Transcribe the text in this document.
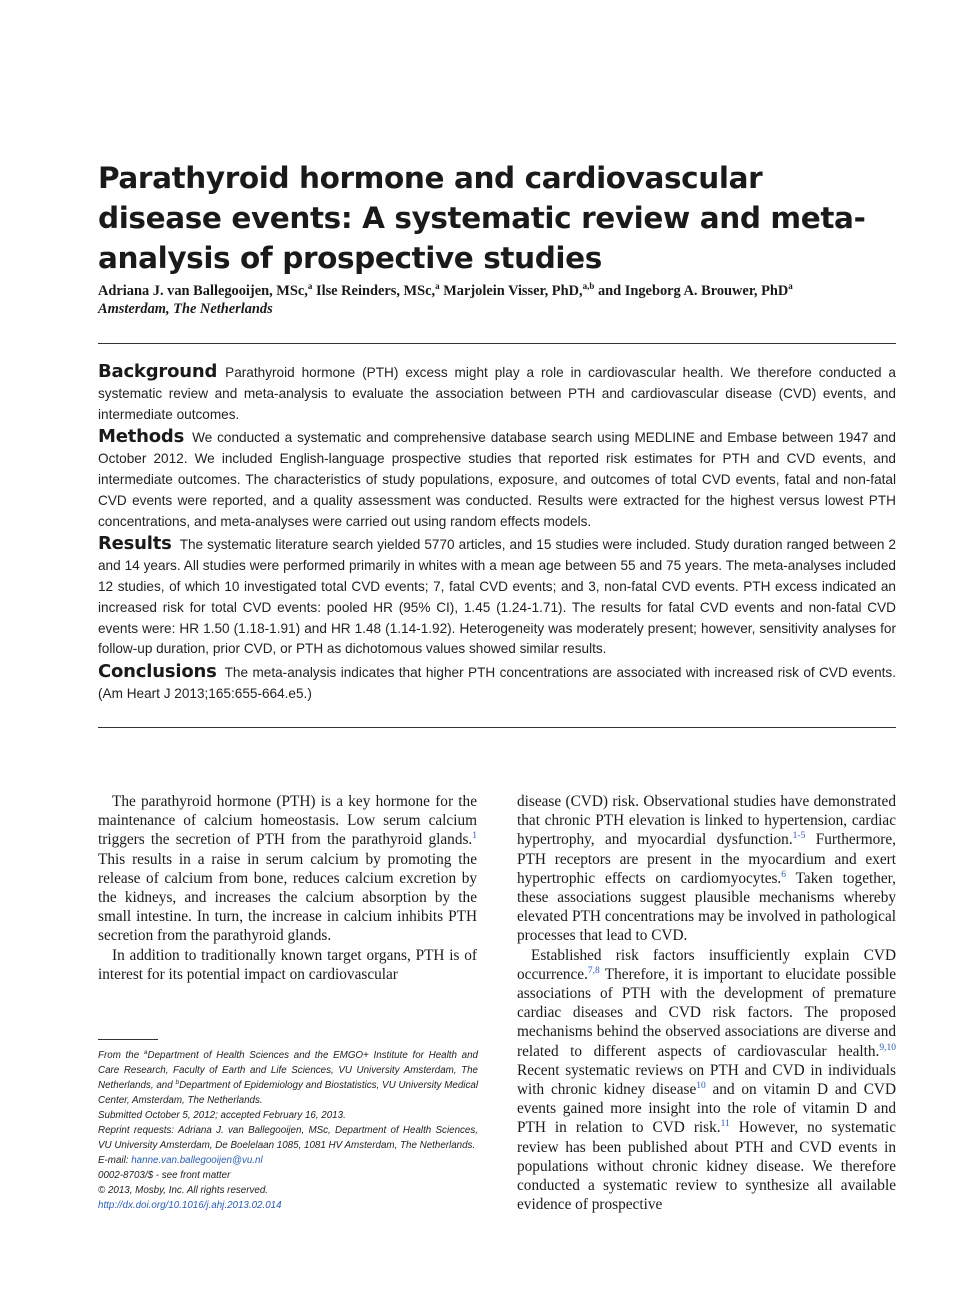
Parathyroid hormone and cardiovascular disease events: A systematic review and meta-analysis of prospective studies

Adriana J. van Ballegooijen, MSc,$^a$ Ilse Reinders, MSc,$^a$ Marjolein Visser, PhD,$^{a,b}$ and Ingeborg A. Brouwer, PhD$^a$

Amsterdam, The Netherlands

Background Parathyroid hormone (PTH) excess might play a role in cardiovascular health. We therefore conducted a systematic review and meta-analysis to evaluate the association between PTH and cardiovascular disease (CVD) events, and intermediate outcomes.

Methods We conducted a systematic and comprehensive database search using MEDLINE and Embase between 1947 and October 2012. We included English-language prospective studies that reported risk estimates for PTH and CVD events, and intermediate outcomes. The characteristics of study populations, exposure, and outcomes of total CVD events, fatal and non-fatal CVD events were reported, and a quality assessment was conducted. Results were extracted for the highest versus lowest PTH concentrations, and meta-analyses were carried out using random effects models.

Results The systematic literature search yielded 5770 articles, and 15 studies were included. Study duration ranged between 2 and 14 years. All studies were performed primarily in whites with a mean age between 55 and 75 years. The meta-analyses included 12 studies, of which 10 investigated total CVD events; 7, fatal CVD events; and 3, non-fatal CVD events. PTH excess indicated an increased risk for total CVD events: pooled HR (95% CI), 1.45 (1.24-1.71). The results for fatal CVD events and non-fatal CVD events were: HR 1.50 (1.18-1.91) and HR 1.48 (1.14-1.92). Heterogeneity was moderately present; however, sensitivity analyses for follow-up duration, prior CVD, or PTH as dichotomous values showed similar results.

Conclusions The meta-analysis indicates that higher PTH concentrations are associated with increased risk of CVD events. (Am Heart J 2013;165:655-664.e5.)

The parathyroid hormone (PTH) is a key hormone for the maintenance of calcium homeostasis. Low serum calcium triggers the secretion of PTH from the parathyroid glands.$^1$ This results in a raise in serum calcium by promoting the release of calcium from bone, reduces calcium excretion by the kidneys, and increases the calcium absorption by the small intestine. In turn, the increase in calcium inhibits PTH secretion from the parathyroid glands.

In addition to traditionally known target organs, PTH is of interest for its potential impact on cardiovascular

disease (CVD) risk. Observational studies have demonstrated that chronic PTH elevation is linked to hypertension, cardiac hypertrophy, and myocardial dysfunction.$^{1-5}$ Furthermore, PTH receptors are present in the myocardium and exert hypertrophic effects on cardiomyocytes.$^6$ Taken together, these associations suggest plausible mechanisms whereby elevated PTH concentrations may be involved in pathological processes that lead to CVD.

Established risk factors insufficiently explain CVD occurrence.$^{7,8}$ Therefore, it is important to elucidate possible associations of PTH with the development of premature cardiac diseases and CVD risk factors. The proposed mechanisms behind the observed associations are diverse and related to different aspects of cardiovascular health.$^{9,10}$ Recent systematic reviews on PTH and CVD in individuals with chronic kidney disease$^{10}$ and on vitamin D and CVD events gained more insight into the role of vitamin D and PTH in relation to CVD risk.$^{11}$ However, no systematic review has been published about PTH and CVD events in populations without chronic kidney disease. We therefore conducted a systematic review to synthesize all available evidence of prospective

From the $^a$Department of Health Sciences and the EMGO+ Institute for Health and Care Research, Faculty of Earth and Life Sciences, VU University Amsterdam, The Netherlands, and $^b$Department of Epidemiology and Biostatistics, VU University Medical Center, Amsterdam, The Netherlands.

Submitted October 5, 2012; accepted February 16, 2013.

Reprint requests: Adriana J. van Ballegooijen, MSc, Department of Health Sciences, VU University Amsterdam, De Boelelaan 1085, 1081 HV Amsterdam, The Netherlands.

E-mail: hanne.van.ballegooijen@vu.nl

0002-8703/$ - see front matter

© 2013, Mosby, Inc. All rights reserved.

http://dx.doi.org/10.1016/j.ahj.2013.02.014
